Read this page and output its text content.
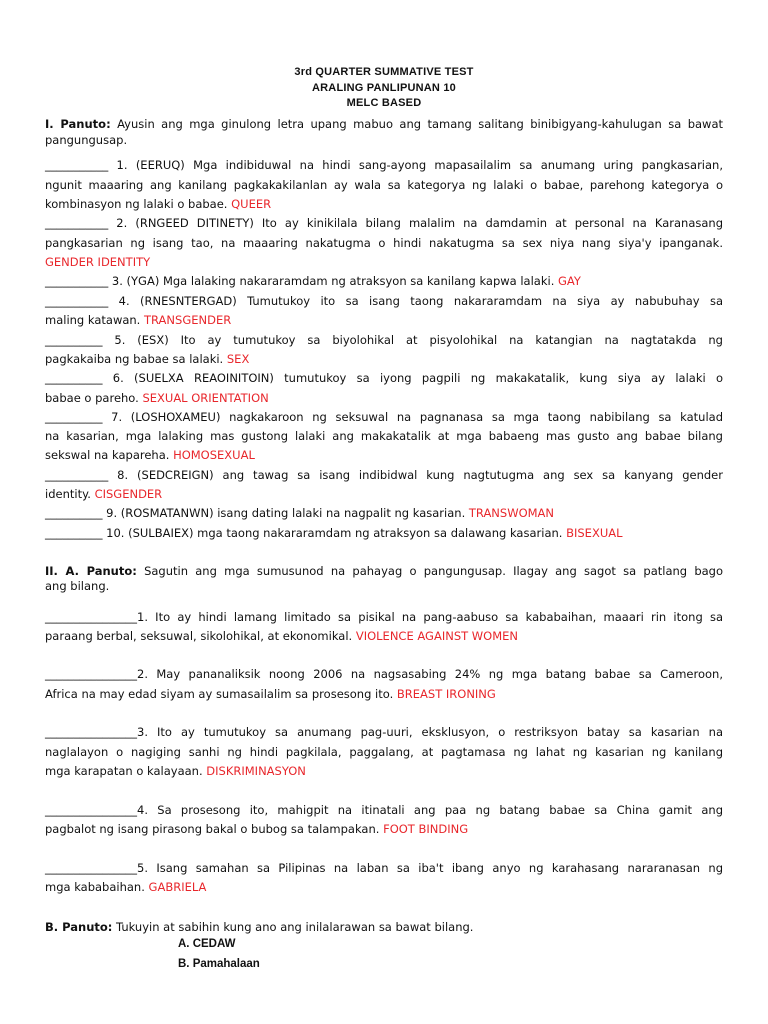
3rd QUARTER SUMMATIVE TEST
ARALING PANLIPUNAN 10
MELC BASED
I. Panuto: Ayusin ang mga ginulong letra upang mabuo ang tamang salitang binibigyang-kahulugan sa bawat
pangungusap.
___________ 1. (EERUQ) Mga indibiduwal na hindi sang-ayong mapasailalim sa anumang uring pangkasarian,
ngunit maaaring ang kanilang pagkakakilanlan ay wala sa kategorya ng lalaki o babae, parehong kategorya o
kombinasyon ng lalaki o babae. QUEER
___________ 2. (RNGEED DITINETY) Ito ay kinikilala bilang malalim na damdamin at personal na Karanasang
pangkasarian ng isang tao, na maaaring nakatugma o hindi nakatugma sa sex niya nang siya'y ipanganak.
GENDER IDENTITY
___________ 3. (YGA) Mga lalaking nakararamdam ng atraksyon sa kanilang kapwa lalaki. GAY
___________ 4. (RNESNTERGAD) Tumutukoy ito sa isang taong nakararamdam na siya ay nabubuhay sa
maling katawan. TRANSGENDER
__________ 5. (ESX) Ito ay tumutukoy sa biyolohikal at pisyolohikal na katangian na nagtatakda ng
pagkakaiba ng babae sa lalaki. SEX
__________ 6. (SUELXA REAOINITOIN) tumutukoy sa iyong pagpili ng makakatalik, kung siya ay lalaki o
babae o pareho. SEXUAL ORIENTATION
__________ 7. (LOSHOXAMEU) nagkakaroon ng seksuwal na pagnanasa sa mga taong nabibilang sa katulad
na kasarian, mga lalaking mas gustong lalaki ang makakatalik at mga babaeng mas gusto ang babae bilang
sekswal na kapareha. HOMOSEXUAL
___________ 8. (SEDCREIGN) ang tawag sa isang indibidwal kung nagtutugma ang sex sa kanyang gender
identity. CISGENDER
__________ 9. (ROSMATANWN) isang dating lalaki na nagpalit ng kasarian. TRANSWOMAN
__________ 10. (SULBAIEX) mga taong nakararamdam ng atraksyon sa dalawang kasarian. BISEXUAL
II. A. Panuto: Sagutin ang mga sumusunod na pahayag o pangungusap. Ilagay ang sagot sa patlang bago
ang bilang.
________________1. Ito ay hindi lamang limitado sa pisikal na pang-aabuso sa kababaihan, maaari rin itong sa
paraang berbal, seksuwal, sikolohikal, at ekonomikal. VIOLENCE AGAINST WOMEN
________________2. May pananaliksik noong 2006 na nagsasabing 24% ng mga batang babae sa Cameroon,
Africa na may edad siyam ay sumasailalim sa prosesong ito. BREAST IRONING
________________3. Ito ay tumutukoy sa anumang pag-uuri, eksklusyon, o restriksyon batay sa kasarian na
naglalayon o nagiging sanhi ng hindi pagkilala, paggalang, at pagtamasa ng lahat ng kasarian ng kanilang
mga karapatan o kalayaan. DISKRIMINASYON
________________4. Sa prosesong ito, mahigpit na itinatali ang paa ng batang babae sa China gamit ang
pagbalot ng isang pirasong bakal o bubog sa talampakan. FOOT BINDING
________________5. Isang samahan sa Pilipinas na laban sa iba't ibang anyo ng karahasang nararanasan ng
mga kababaihan. GABRIELA
B. Panuto: Tukuyin at sabihin kung ano ang inilalarawan sa bawat bilang.
A. CEDAW
B. Pamahalaan
